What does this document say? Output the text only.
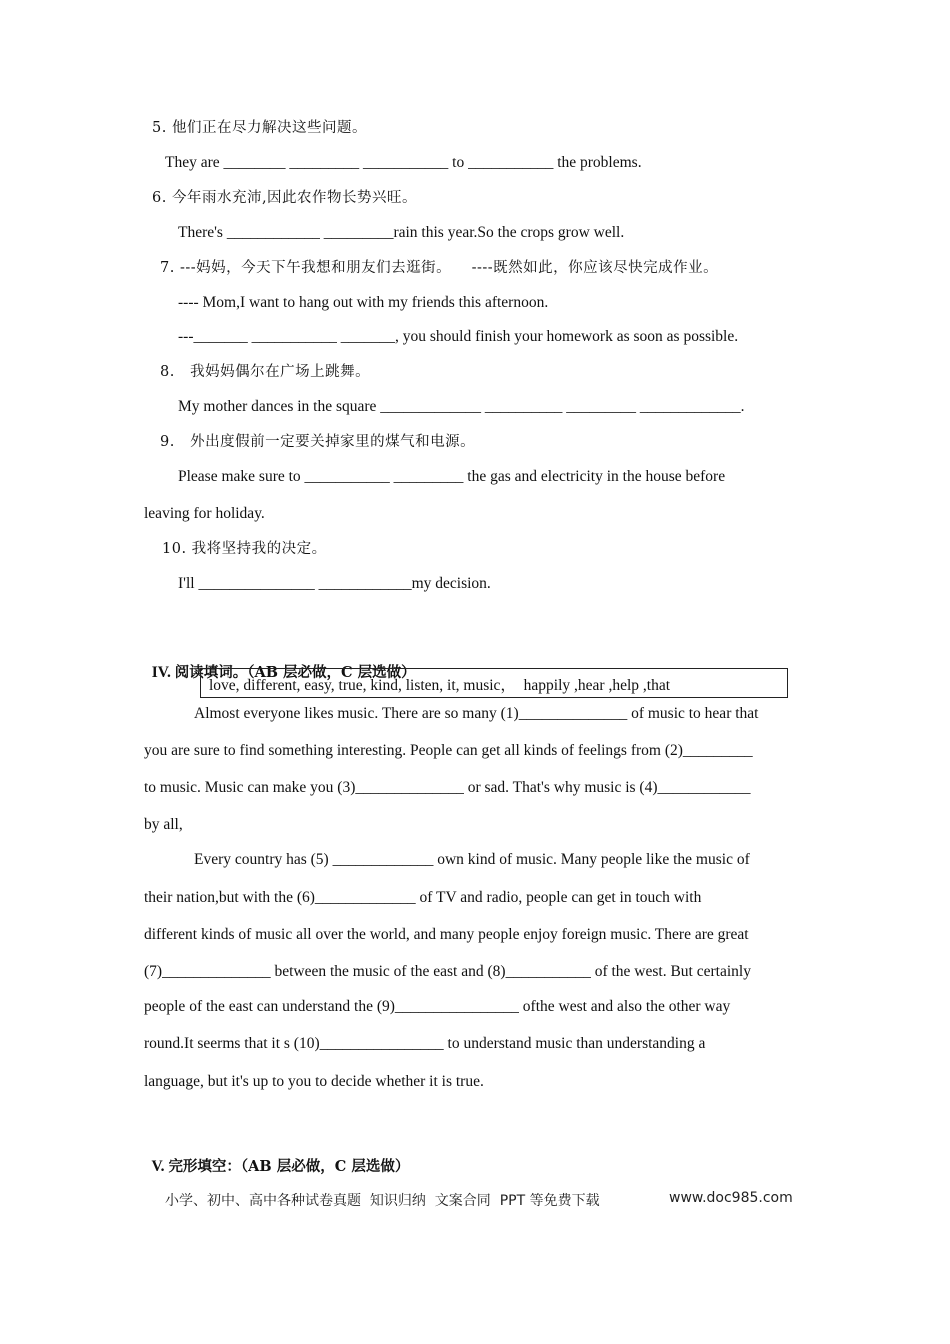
5. 他们正在尽力解决这些问题。
They are ________ _________ ___________ to ___________ the problems.
6. 今年雨水充沛,因此农作物长势兴旺。
There's ____________ _________rain this year.So the crops grow well.
7. ---妈妈，今天下午我想和朋友们去逛街。    ----既然如此，你应该尽快完成作业。
---- Mom,I want to hang out with my friends this afternoon.
---_______ ___________ _______, you should finish your homework as soon as possible.
8.   我妈妈偶尔在广场上跳舞。
My mother dances in the square _____________ __________ _________ _____________.
9.   外出度假前一定要关掉家里的煤气和电源。
Please make sure to ___________ _________ the gas and electricity in the house before
leaving for holiday.
10. 我将坚持我的决定。
I'll _______________ ____________my decision.

IV. 阅读填词。（AB 层必做，C 层选做）

love, different, easy, true, kind, listen, it, music，  happily ,hear ,help ,that
Almost everyone likes music. There are so many (1)______________ of music to hear that
you are sure to find something interesting. People can get all kinds of feelings from (2)_________
to music. Music can make you (3)______________ or sad. That's why music is (4)____________
by all,
Every country has (5) _____________ own kind of music. Many people like the music of
their nation,but with the (6)_____________ of TV and radio, people can get in touch with
different kinds of music all over the world, and many people enjoy foreign music. There are great
(7)______________ between the music of the east and (8)___________ of the west. But certainly
people of the east can understand the (9)________________ ofthe west and also the other way
round.It seerms that it s (10)________________ to understand music than understanding a
language, but it's up to you to decide whether it is true.

V. 完形填空：（AB 层必做，C 层选做）

小学、初中、高中各种试卷真题  知识归纳  文案合同  PPT 等免费下载	www.doc985.com
